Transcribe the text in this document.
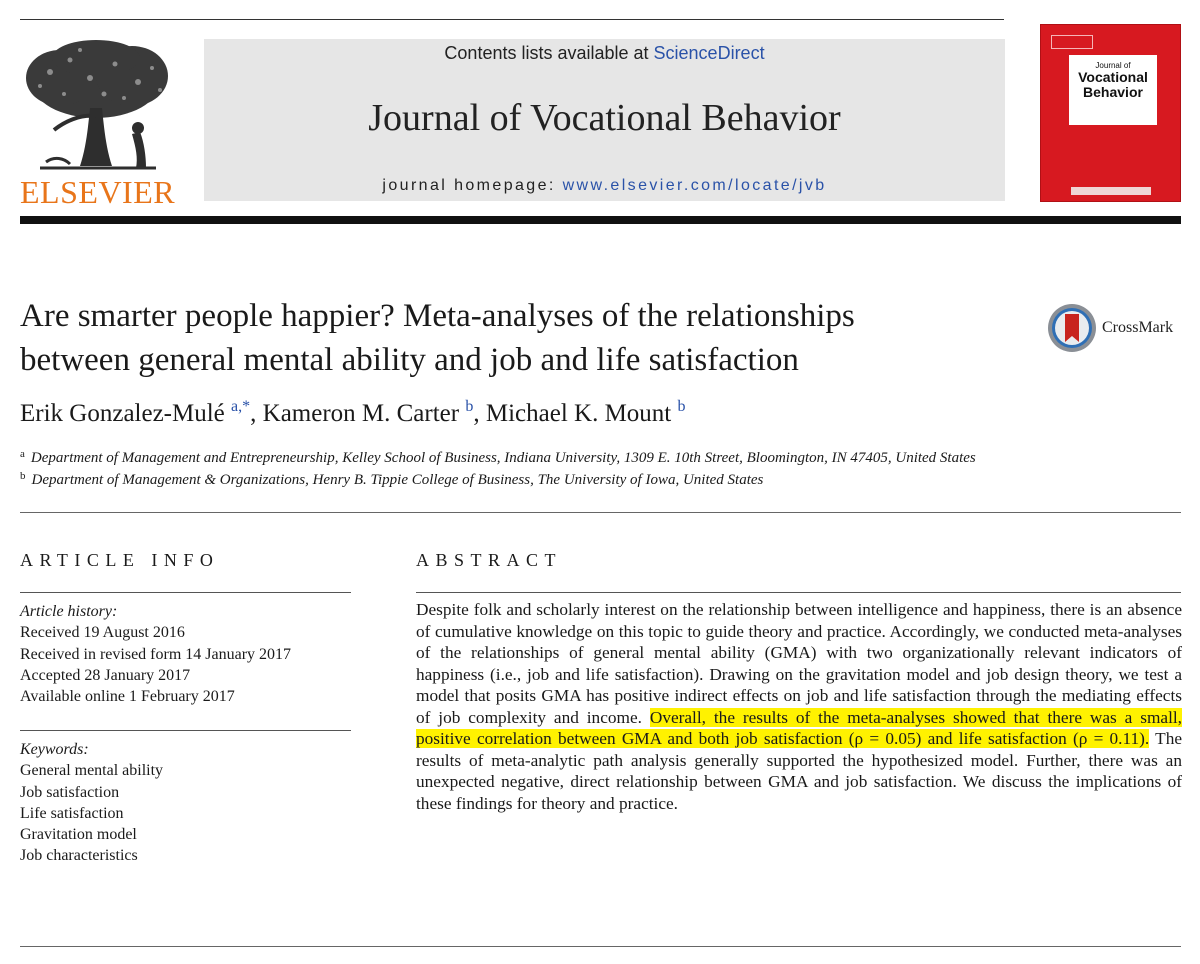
ELSEVIER
Contents lists available at ScienceDirect
Journal of Vocational Behavior
journal homepage: www.elsevier.com/locate/jvb
Journal of
Vocational
Behavior
Are smarter people happier? Meta-analyses of the relationships
between general mental ability and job and life satisfaction
CrossMark
Erik Gonzalez-Mulé $^{a,*}$, Kameron M. Carter $^b$, Michael K. Mount $^b$
$^a$ Department of Management and Entrepreneurship, Kelley School of Business, Indiana University, 1309 E. 10th Street, Bloomington, IN 47405, United States
$^b$ Department of Management & Organizations, Henry B. Tippie College of Business, The University of Iowa, United States
ARTICLE INFO
Article history:
Received 19 August 2016
Received in revised form 14 January 2017
Accepted 28 January 2017
Available online 1 February 2017
Keywords:
General mental ability
Job satisfaction
Life satisfaction
Gravitation model
Job characteristics
ABSTRACT
Despite folk and scholarly interest on the relationship between intelligence and happiness, there is an absence of cumulative knowledge on this topic to guide theory and practice. Accordingly, we conducted meta-analyses of the relationships of general mental ability (GMA) with two organizationally relevant indicators of happiness (i.e., job and life satisfaction). Drawing on the gravitation model and job design theory, we test a model that posits GMA has positive indirect effects on job and life satisfaction through the mediating effects of job complexity and income. Overall, the results of the meta-analyses showed that there was a small, positive correlation between GMA and both job satisfaction (ρ = 0.05) and life satisfaction (ρ = 0.11). The results of meta-analytic path analysis generally supported the hypothesized model. Further, there was an unexpected negative, direct relationship between GMA and job satisfaction. We discuss the implications of these findings for theory and practice.
